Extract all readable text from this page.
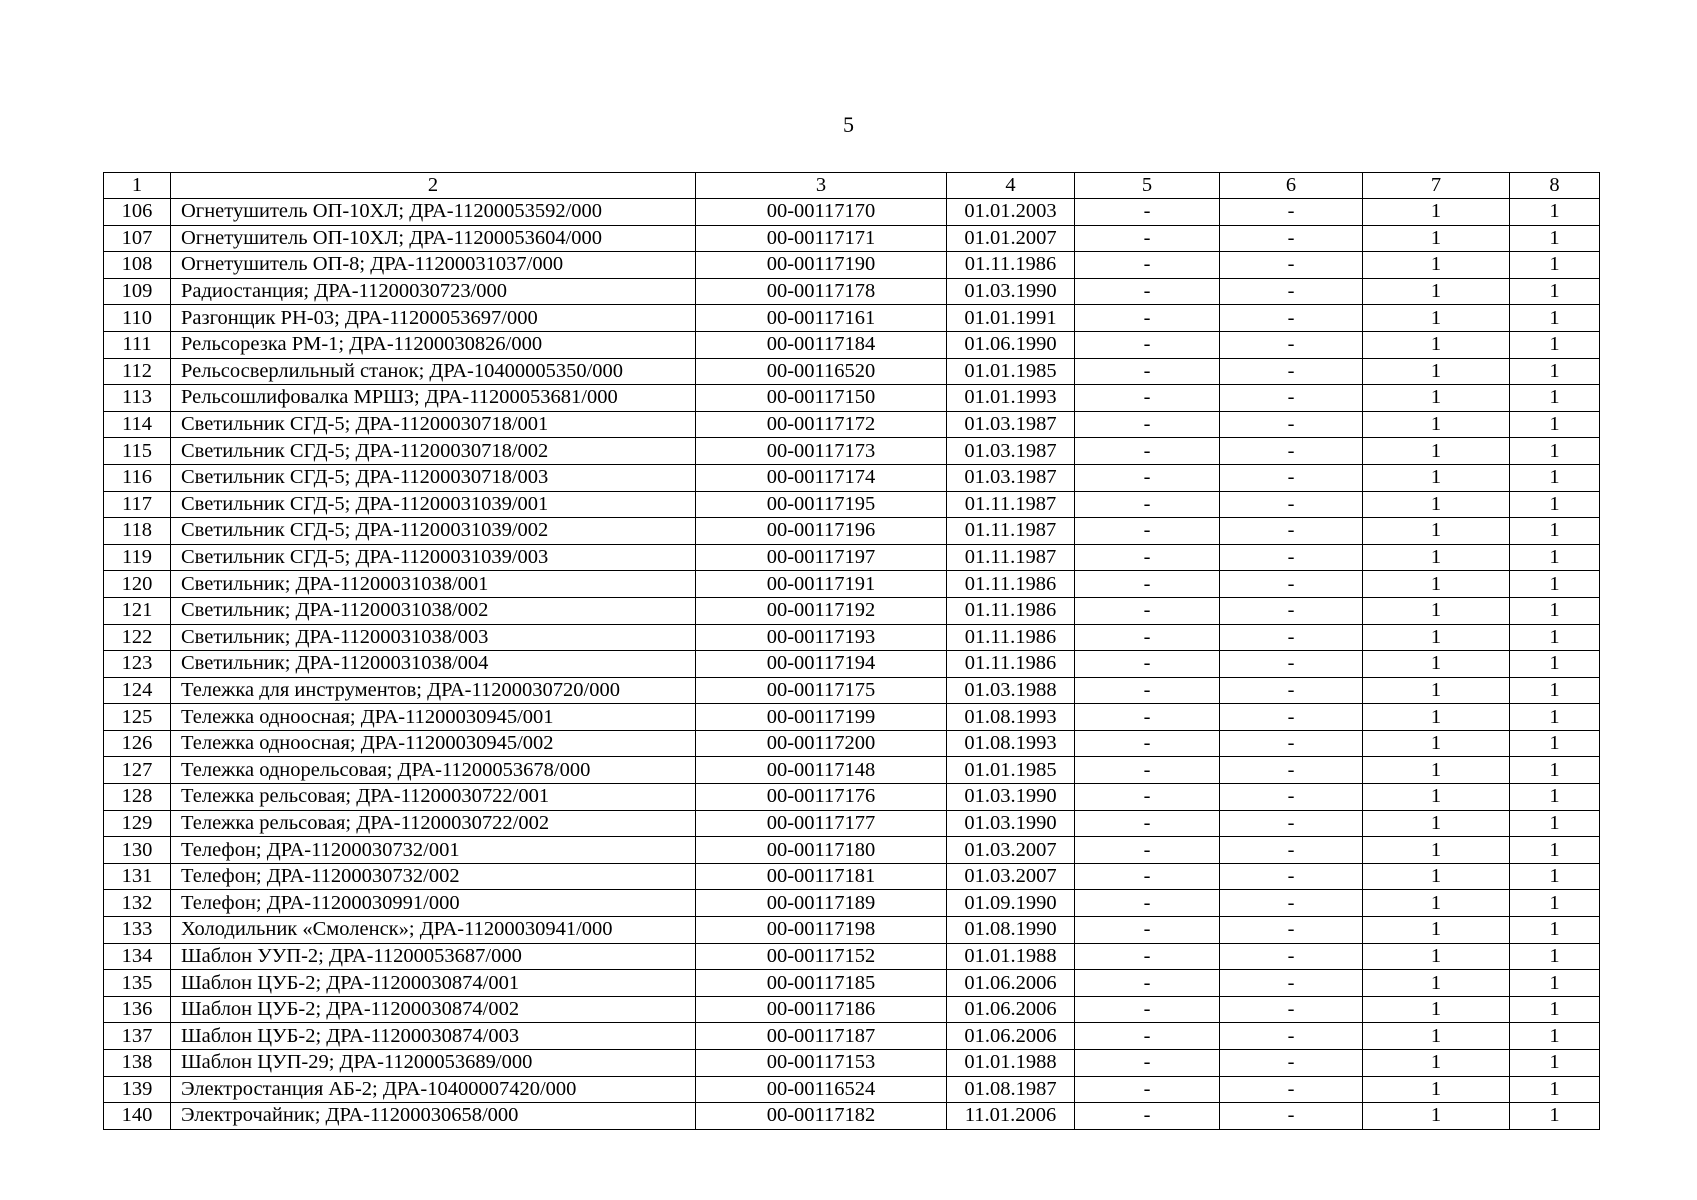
5
1	2	3	4	5	6	7	8
106	Огнетушитель ОП-10ХЛ; ДРА-11200053592/000	00-00117170	01.01.2003	-	-	1	1
107	Огнетушитель ОП-10ХЛ; ДРА-11200053604/000	00-00117171	01.01.2007	-	-	1	1
108	Огнетушитель ОП-8; ДРА-11200031037/000	00-00117190	01.11.1986	-	-	1	1
109	Радиостанция; ДРА-11200030723/000	00-00117178	01.03.1990	-	-	1	1
110	Разгонщик РН-03; ДРА-11200053697/000	00-00117161	01.01.1991	-	-	1	1
111	Рельсорезка РМ-1; ДРА-11200030826/000	00-00117184	01.06.1990	-	-	1	1
112	Рельсосверлильный станок; ДРА-10400005350/000	00-00116520	01.01.1985	-	-	1	1
113	Рельсошлифовалка МРШЗ; ДРА-11200053681/000	00-00117150	01.01.1993	-	-	1	1
114	Светильник СГД-5; ДРА-11200030718/001	00-00117172	01.03.1987	-	-	1	1
115	Светильник СГД-5; ДРА-11200030718/002	00-00117173	01.03.1987	-	-	1	1
116	Светильник СГД-5; ДРА-11200030718/003	00-00117174	01.03.1987	-	-	1	1
117	Светильник СГД-5; ДРА-11200031039/001	00-00117195	01.11.1987	-	-	1	1
118	Светильник СГД-5; ДРА-11200031039/002	00-00117196	01.11.1987	-	-	1	1
119	Светильник СГД-5; ДРА-11200031039/003	00-00117197	01.11.1987	-	-	1	1
120	Светильник; ДРА-11200031038/001	00-00117191	01.11.1986	-	-	1	1
121	Светильник; ДРА-11200031038/002	00-00117192	01.11.1986	-	-	1	1
122	Светильник; ДРА-11200031038/003	00-00117193	01.11.1986	-	-	1	1
123	Светильник; ДРА-11200031038/004	00-00117194	01.11.1986	-	-	1	1
124	Тележка для инструментов; ДРА-11200030720/000	00-00117175	01.03.1988	-	-	1	1
125	Тележка одноосная; ДРА-11200030945/001	00-00117199	01.08.1993	-	-	1	1
126	Тележка одноосная; ДРА-11200030945/002	00-00117200	01.08.1993	-	-	1	1
127	Тележка однорельсовая; ДРА-11200053678/000	00-00117148	01.01.1985	-	-	1	1
128	Тележка рельсовая; ДРА-11200030722/001	00-00117176	01.03.1990	-	-	1	1
129	Тележка рельсовая; ДРА-11200030722/002	00-00117177	01.03.1990	-	-	1	1
130	Телефон; ДРА-11200030732/001	00-00117180	01.03.2007	-	-	1	1
131	Телефон; ДРА-11200030732/002	00-00117181	01.03.2007	-	-	1	1
132	Телефон; ДРА-11200030991/000	00-00117189	01.09.1990	-	-	1	1
133	Холодильник «Смоленск»; ДРА-11200030941/000	00-00117198	01.08.1990	-	-	1	1
134	Шаблон УУП-2; ДРА-11200053687/000	00-00117152	01.01.1988	-	-	1	1
135	Шаблон ЦУБ-2; ДРА-11200030874/001	00-00117185	01.06.2006	-	-	1	1
136	Шаблон ЦУБ-2; ДРА-11200030874/002	00-00117186	01.06.2006	-	-	1	1
137	Шаблон ЦУБ-2; ДРА-11200030874/003	00-00117187	01.06.2006	-	-	1	1
138	Шаблон ЦУП-29; ДРА-11200053689/000	00-00117153	01.01.1988	-	-	1	1
139	Электростанция АБ-2; ДРА-10400007420/000	00-00116524	01.08.1987	-	-	1	1
140	Электрочайник; ДРА-11200030658/000	00-00117182	11.01.2006	-	-	1	1
